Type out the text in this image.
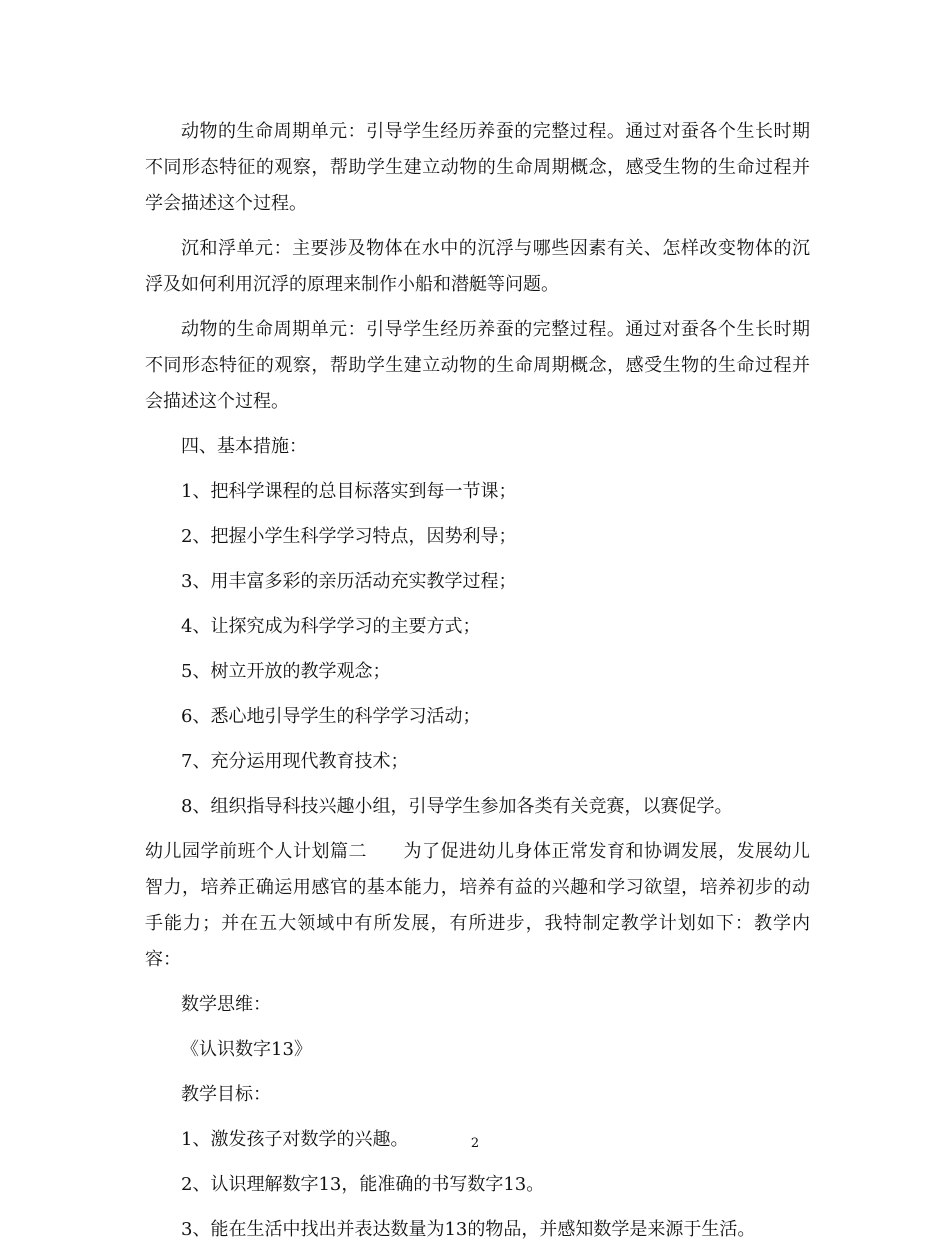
动物的生命周期单元：引导学生经历养蚕的完整过程。通过对蚕各个生长时期不同形态特征的观察，帮助学生建立动物的生命周期概念，感受生物的生命过程并学会描述这个过程。

沉和浮单元：主要涉及物体在水中的沉浮与哪些因素有关、怎样改变物体的沉浮及如何利用沉浮的原理来制作小船和潜艇等问题。

动物的生命周期单元：引导学生经历养蚕的完整过程。通过对蚕各个生长时期不同形态特征的观察，帮助学生建立动物的生命周期概念，感受生物的生命过程并会描述这个过程。

四、基本措施：

1、把科学课程的总目标落实到每一节课；

2、把握小学生科学学习特点，因势利导；

3、用丰富多彩的亲历活动充实教学过程；

4、让探究成为科学学习的主要方式；

5、树立开放的教学观念；

6、悉心地引导学生的科学学习活动；

7、充分运用现代教育技术；

8、组织指导科技兴趣小组，引导学生参加各类有关竞赛，以赛促学。

幼儿园学前班个人计划篇二 为了促进幼儿身体正常发育和协调发展，发展幼儿智力，培养正确运用感官的基本能力，培养有益的兴趣和学习欲望，培养初步的动手能力；并在五大领域中有所发展，有所进步，我特制定教学计划如下：教学内容：

数学思维：

《认识数字13》

教学目标：

1、激发孩子对数学的兴趣。

2、认识理解数字13，能准确的书写数字13。

3、能在生活中找出并表达数量为13的物品，并感知数学是来源于生活。

2
